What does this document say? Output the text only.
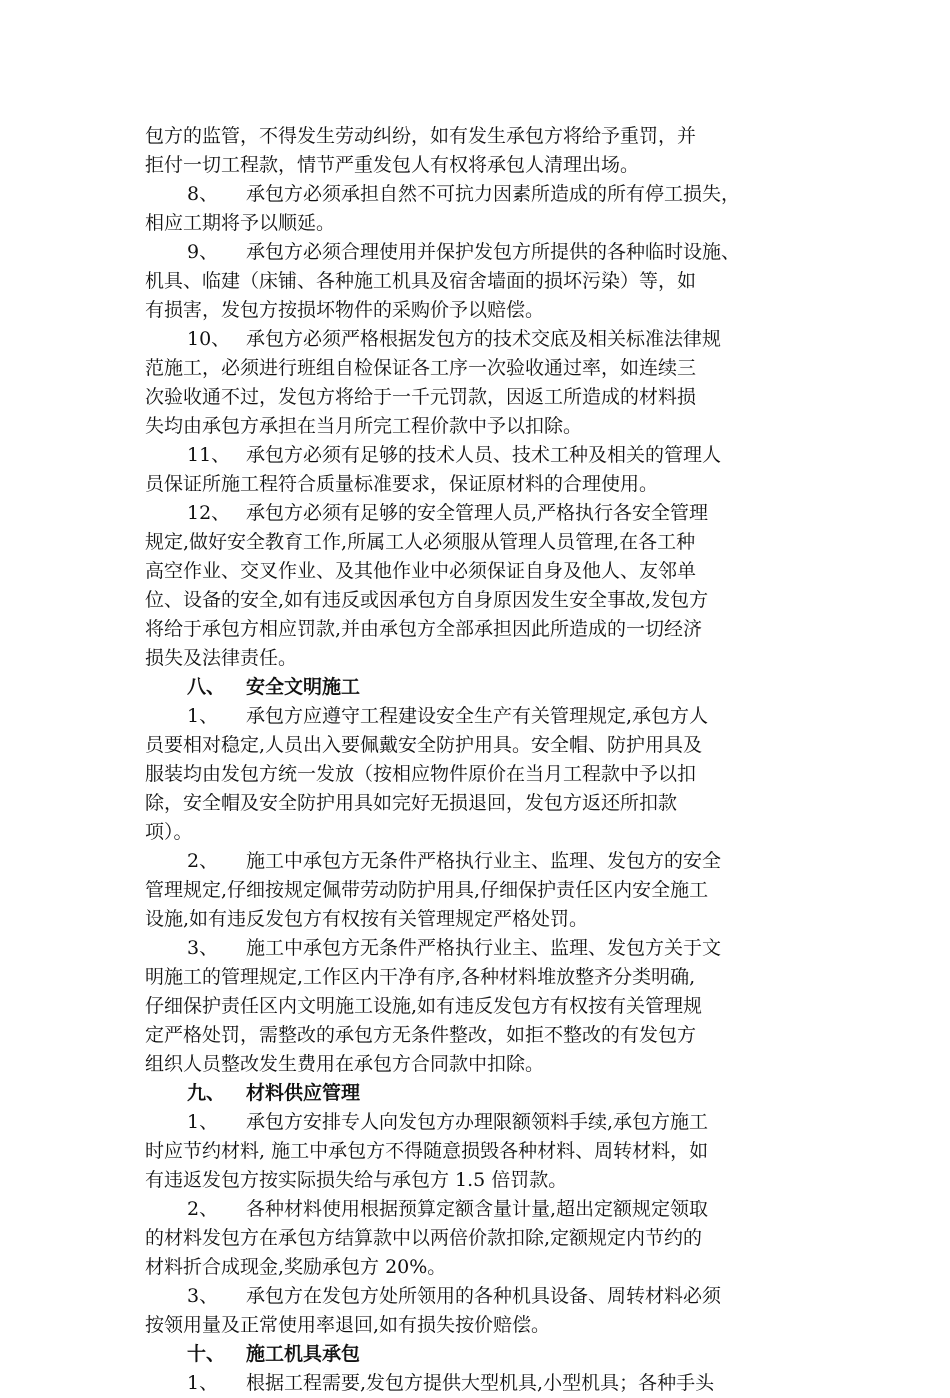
包方的监管，不得发生劳动纠纷，如有发生承包方将给予重罚，并
拒付一切工程款，情节严重发包人有权将承包人清理出场。
8、 承包方必须承担自然不可抗力因素所造成的所有停工损失，
相应工期将予以顺延。
9、 承包方必须合理使用并保护发包方所提供的各种临时设施、
机具、临建（床铺、各种施工机具及宿舍墙面的损坏污染）等，如
有损害，发包方按损坏物件的采购价予以赔偿。
10、 承包方必须严格根据发包方的技术交底及相关标准法律规
范施工，必须进行班组自检保证各工序一次验收通过率，如连续三
次验收通不过，发包方将给于一千元罚款，因返工所造成的材料损
失均由承包方承担在当月所完工程价款中予以扣除。
11、 承包方必须有足够的技术人员、技术工种及相关的管理人
员保证所施工程符合质量标准要求，保证原材料的合理使用。
12、 承包方必须有足够的安全管理人员,严格执行各安全管理
规定,做好安全教育工作,所属工人必须服从管理人员管理,在各工种
高空作业、交叉作业、及其他作业中必须保证自身及他人、友邻单
位、设备的安全,如有违反或因承包方自身原因发生安全事故,发包方
将给于承包方相应罚款,并由承包方全部承担因此所造成的一切经济
损失及法律责任。
八、 安全文明施工
1、 承包方应遵守工程建设安全生产有关管理规定,承包方人
员要相对稳定,人员出入要佩戴安全防护用具。安全帽、防护用具及
服装均由发包方统一发放（按相应物件原价在当月工程款中予以扣
除，安全帽及安全防护用具如完好无损退回，发包方返还所扣款
项）。
2、 施工中承包方无条件严格执行业主、监理、发包方的安全
管理规定,仔细按规定佩带劳动防护用具,仔细保护责任区内安全施工
设施,如有违反发包方有权按有关管理规定严格处罚。
3、 施工中承包方无条件严格执行业主、监理、发包方关于文
明施工的管理规定,工作区内干净有序,各种材料堆放整齐分类明确,
仔细保护责任区内文明施工设施,如有违反发包方有权按有关管理规
定严格处罚，需整改的承包方无条件整改，如拒不整改的有发包方
组织人员整改发生费用在承包方合同款中扣除。
九、 材料供应管理
1、 承包方安排专人向发包方办理限额领料手续,承包方施工
时应节约材料, 施工中承包方不得随意损毁各种材料、周转材料，如
有违返发包方按实际损失给与承包方 1.5 倍罚款。
2、 各种材料使用根据预算定额含量计量,超出定额规定领取
的材料发包方在承包方结算款中以两倍价款扣除,定额规定内节约的
材料折合成现金,奖励承包方 20%。
3、 承包方在发包方处所领用的各种机具设备、周转材料必须
按领用量及正常使用率退回,如有损失按价赔偿。
十、 施工机具承包
1、 根据工程需要,发包方提供大型机具,小型机具；各种手头
